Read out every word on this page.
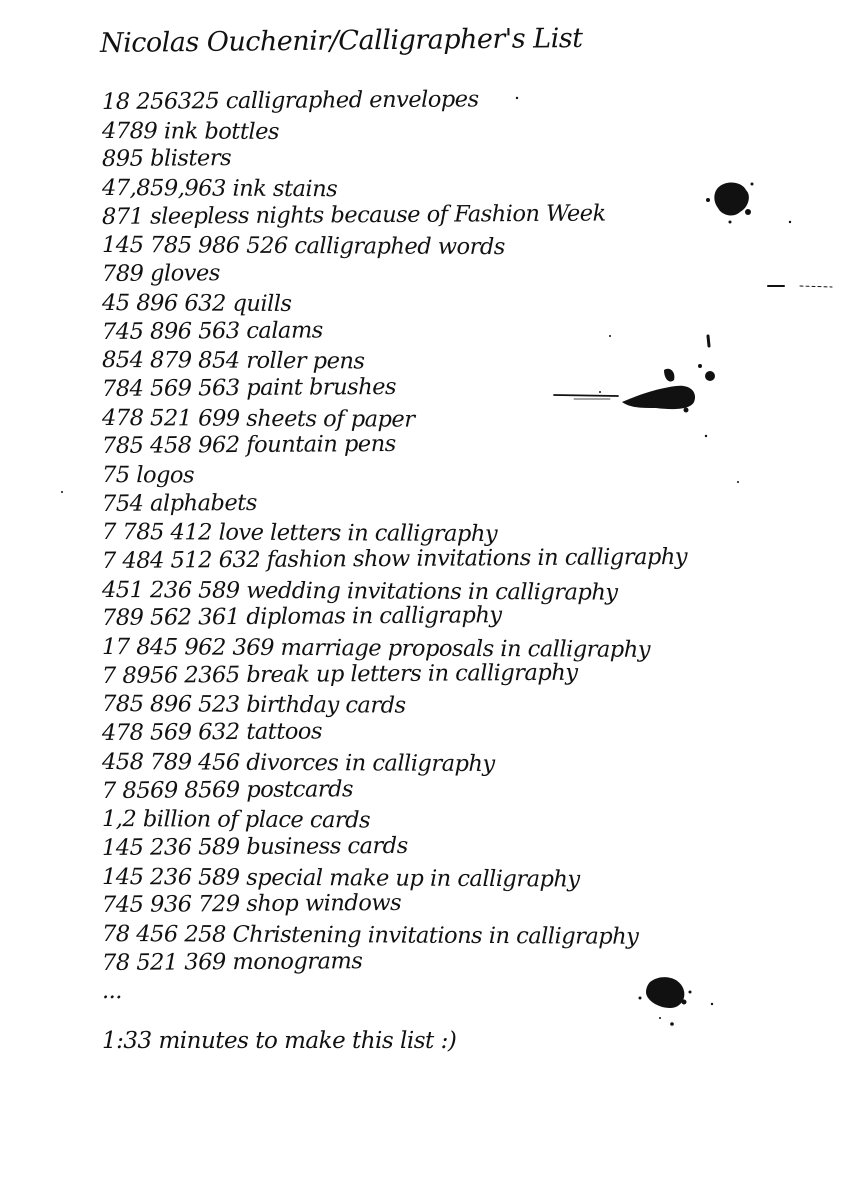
Nicolas Ouchenir/Calligrapher's List
18 256325 calligraphed envelopes
4789 ink bottles
895 blisters
47,859,963 ink stains
871 sleepless nights because of Fashion Week
145 785 986 526 calligraphed words
789 gloves
45 896 632 quills
745 896 563 calams
854 879 854 roller pens
784 569 563 paint brushes
478 521 699 sheets of paper
785 458 962 fountain pens
75 logos
754 alphabets
7 785 412 love letters in calligraphy
7 484 512 632 fashion show invitations in calligraphy
451 236 589 wedding invitations in calligraphy
789 562 361 diplomas in calligraphy
17 845 962 369 marriage proposals in calligraphy
7 8956 2365 break up letters in calligraphy
785 896 523 birthday cards
478 569 632 tattoos
458 789 456 divorces in calligraphy
7 8569 8569 postcards
1,2 billion of place cards
145 236 589 business cards
145 236 589 special make up in calligraphy
745 936 729 shop windows
78 456 258 Christening invitations in calligraphy
78 521 369 monograms
...
1:33 minutes to make this list :)
